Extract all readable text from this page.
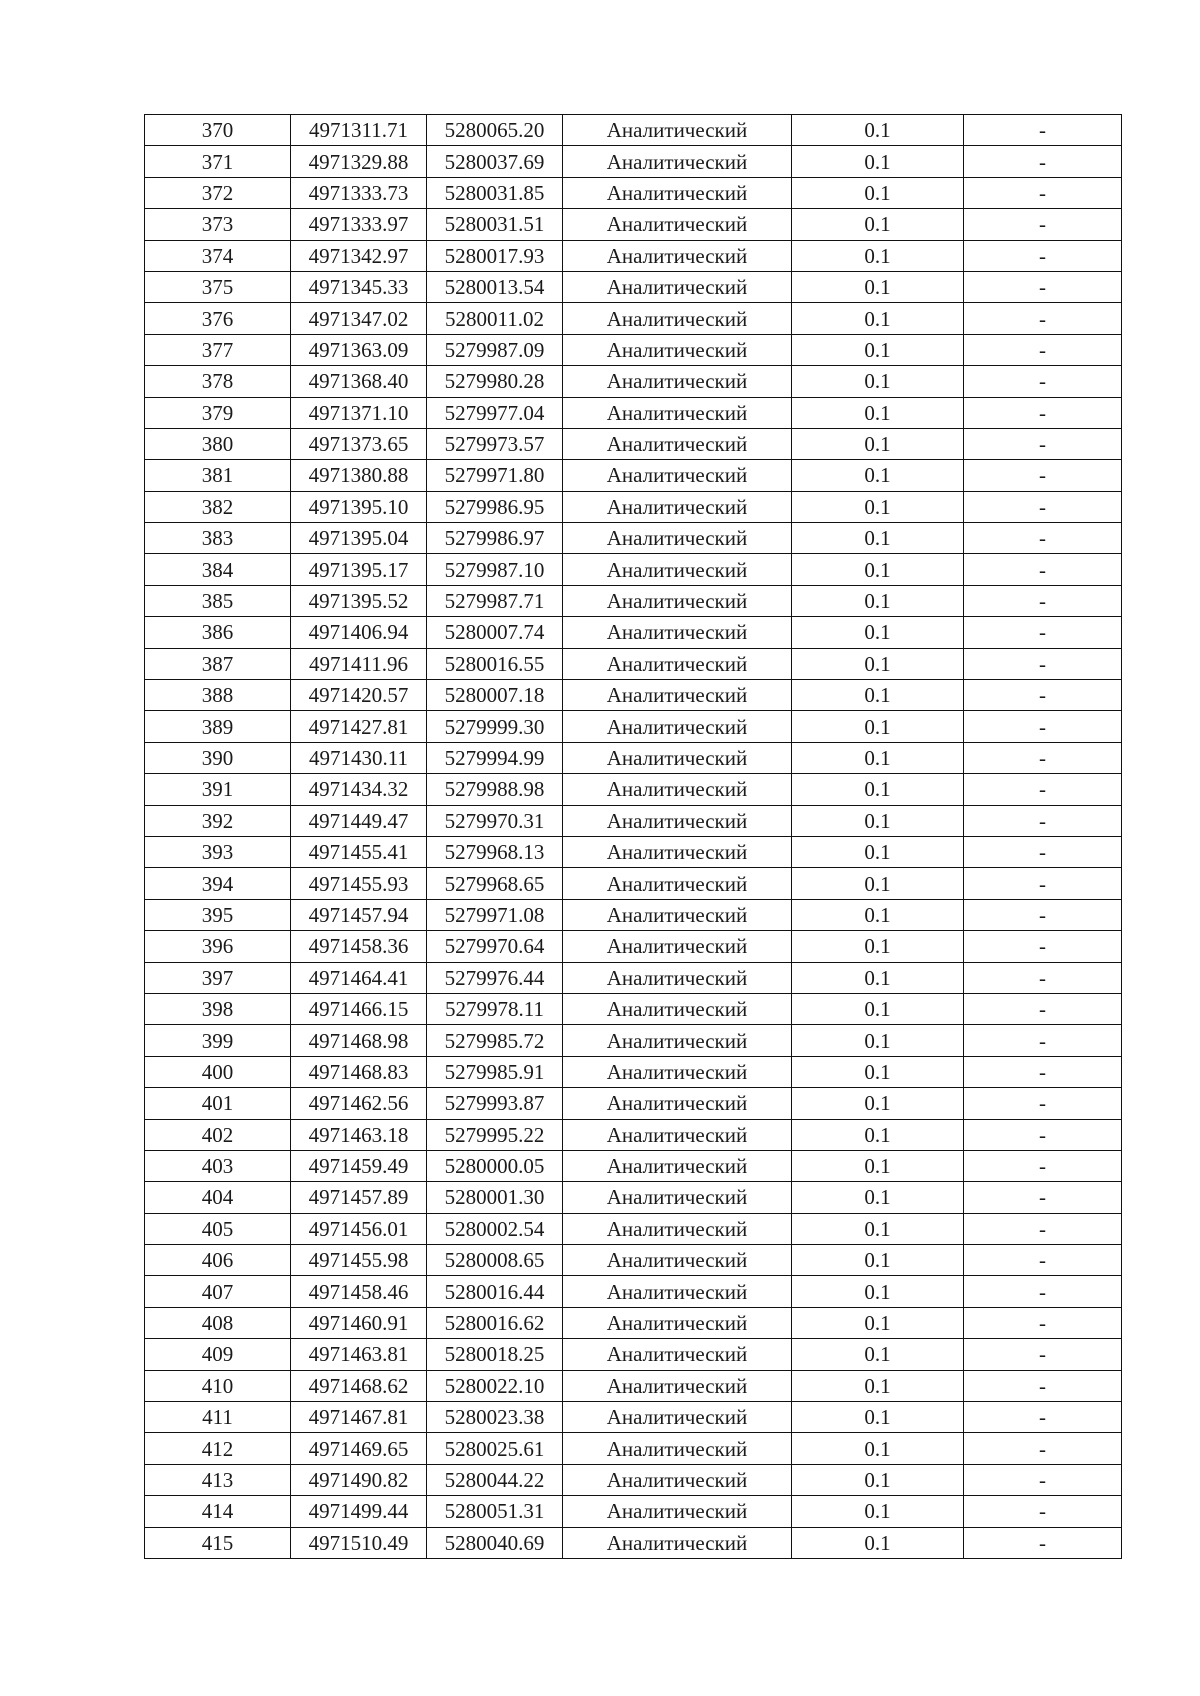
370	4971311.71	5280065.20	Аналитический	0.1	-
371	4971329.88	5280037.69	Аналитический	0.1	-
372	4971333.73	5280031.85	Аналитический	0.1	-
373	4971333.97	5280031.51	Аналитический	0.1	-
374	4971342.97	5280017.93	Аналитический	0.1	-
375	4971345.33	5280013.54	Аналитический	0.1	-
376	4971347.02	5280011.02	Аналитический	0.1	-
377	4971363.09	5279987.09	Аналитический	0.1	-
378	4971368.40	5279980.28	Аналитический	0.1	-
379	4971371.10	5279977.04	Аналитический	0.1	-
380	4971373.65	5279973.57	Аналитический	0.1	-
381	4971380.88	5279971.80	Аналитический	0.1	-
382	4971395.10	5279986.95	Аналитический	0.1	-
383	4971395.04	5279986.97	Аналитический	0.1	-
384	4971395.17	5279987.10	Аналитический	0.1	-
385	4971395.52	5279987.71	Аналитический	0.1	-
386	4971406.94	5280007.74	Аналитический	0.1	-
387	4971411.96	5280016.55	Аналитический	0.1	-
388	4971420.57	5280007.18	Аналитический	0.1	-
389	4971427.81	5279999.30	Аналитический	0.1	-
390	4971430.11	5279994.99	Аналитический	0.1	-
391	4971434.32	5279988.98	Аналитический	0.1	-
392	4971449.47	5279970.31	Аналитический	0.1	-
393	4971455.41	5279968.13	Аналитический	0.1	-
394	4971455.93	5279968.65	Аналитический	0.1	-
395	4971457.94	5279971.08	Аналитический	0.1	-
396	4971458.36	5279970.64	Аналитический	0.1	-
397	4971464.41	5279976.44	Аналитический	0.1	-
398	4971466.15	5279978.11	Аналитический	0.1	-
399	4971468.98	5279985.72	Аналитический	0.1	-
400	4971468.83	5279985.91	Аналитический	0.1	-
401	4971462.56	5279993.87	Аналитический	0.1	-
402	4971463.18	5279995.22	Аналитический	0.1	-
403	4971459.49	5280000.05	Аналитический	0.1	-
404	4971457.89	5280001.30	Аналитический	0.1	-
405	4971456.01	5280002.54	Аналитический	0.1	-
406	4971455.98	5280008.65	Аналитический	0.1	-
407	4971458.46	5280016.44	Аналитический	0.1	-
408	4971460.91	5280016.62	Аналитический	0.1	-
409	4971463.81	5280018.25	Аналитический	0.1	-
410	4971468.62	5280022.10	Аналитический	0.1	-
411	4971467.81	5280023.38	Аналитический	0.1	-
412	4971469.65	5280025.61	Аналитический	0.1	-
413	4971490.82	5280044.22	Аналитический	0.1	-
414	4971499.44	5280051.31	Аналитический	0.1	-
415	4971510.49	5280040.69	Аналитический	0.1	-
